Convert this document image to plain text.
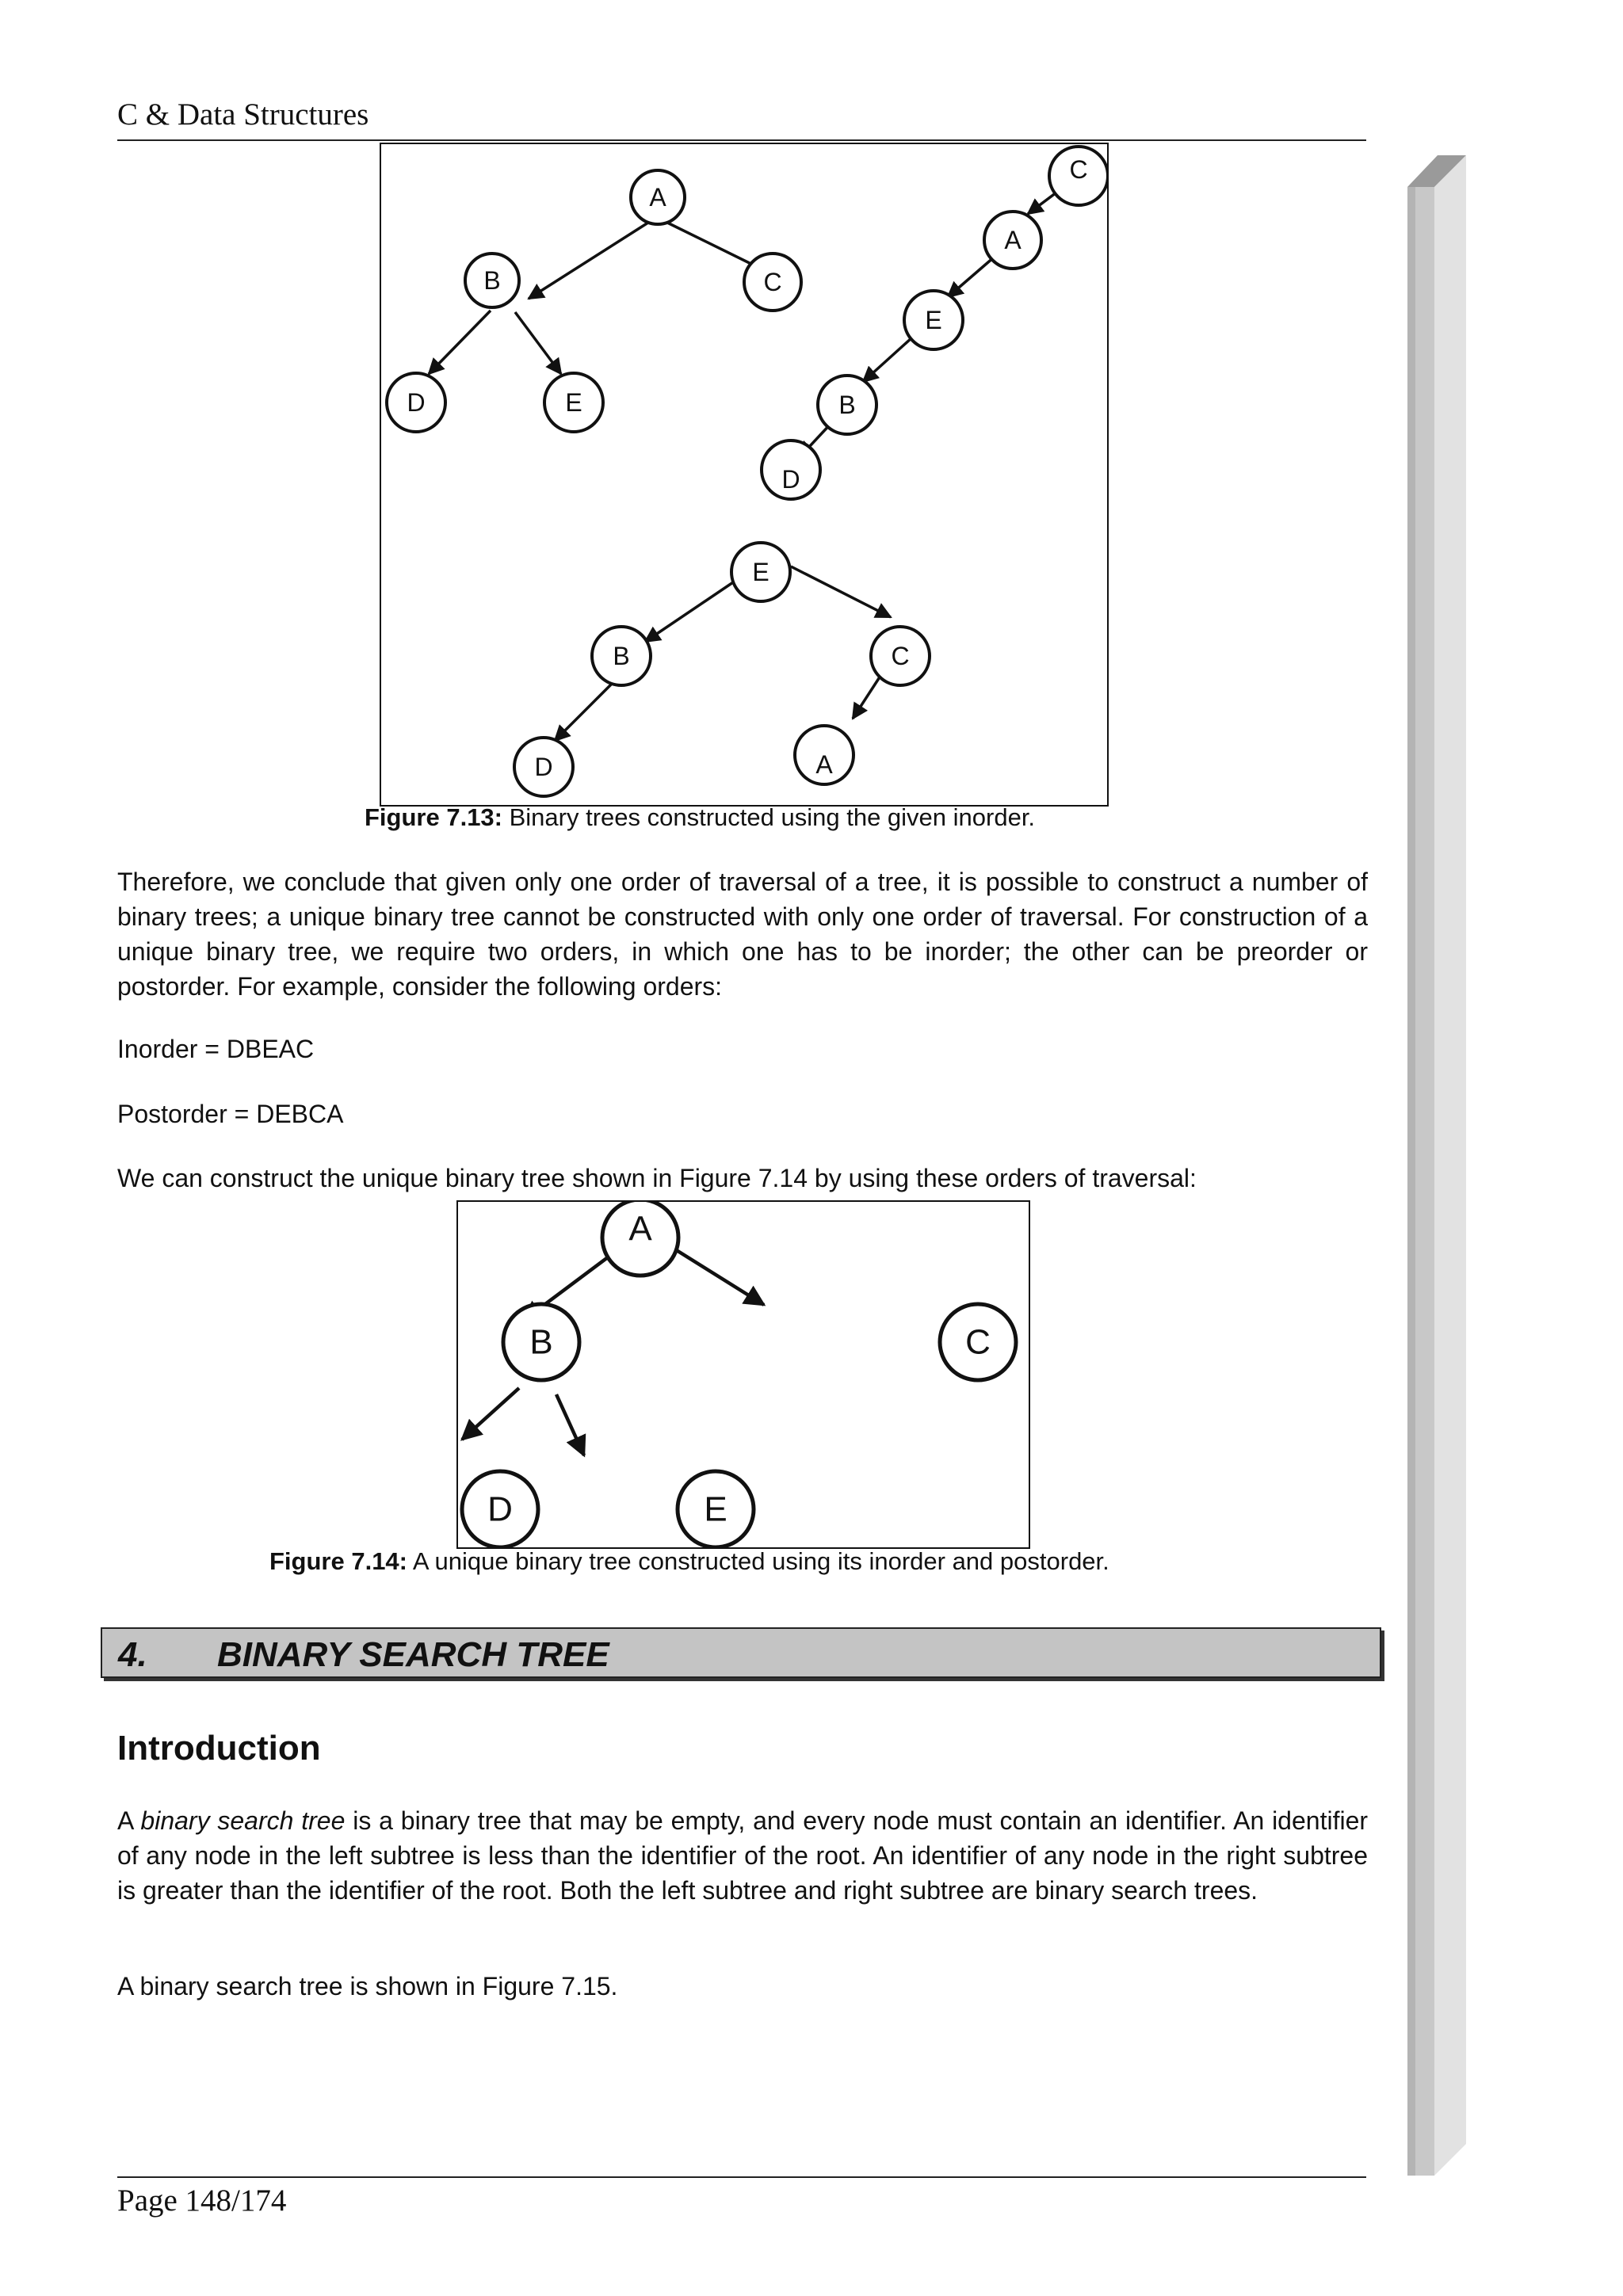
C & Data Structures
A
B	C
D	E
C
A
E
B
D
E
B	C
D	A
Figure 7.13: Binary trees constructed using the given inorder.

Therefore, we conclude that given only one order of traversal of a tree, it is possible to construct a number of binary trees; a unique binary tree cannot be constructed with only one order of traversal. For construction of a unique binary tree, we require two orders, in which one has to be inorder; the other can be preorder or postorder. For example, consider the following orders:

Inorder = DBEAC
Postorder = DEBCA
We can construct the unique binary tree shown in Figure 7.14 by using these orders of traversal:
A
B	C
D	E
Figure 7.14: A unique binary tree constructed using its inorder and postorder.
4. BINARY SEARCH TREE
Introduction

A binary search tree is a binary tree that may be empty, and every node must contain an identifier. An identifier of any node in the left subtree is less than the identifier of the root. An identifier of any node in the right subtree is greater than the identifier of the root. Both the left subtree and right subtree are binary search trees.

A binary search tree is shown in Figure 7.15.
Page 148/174
